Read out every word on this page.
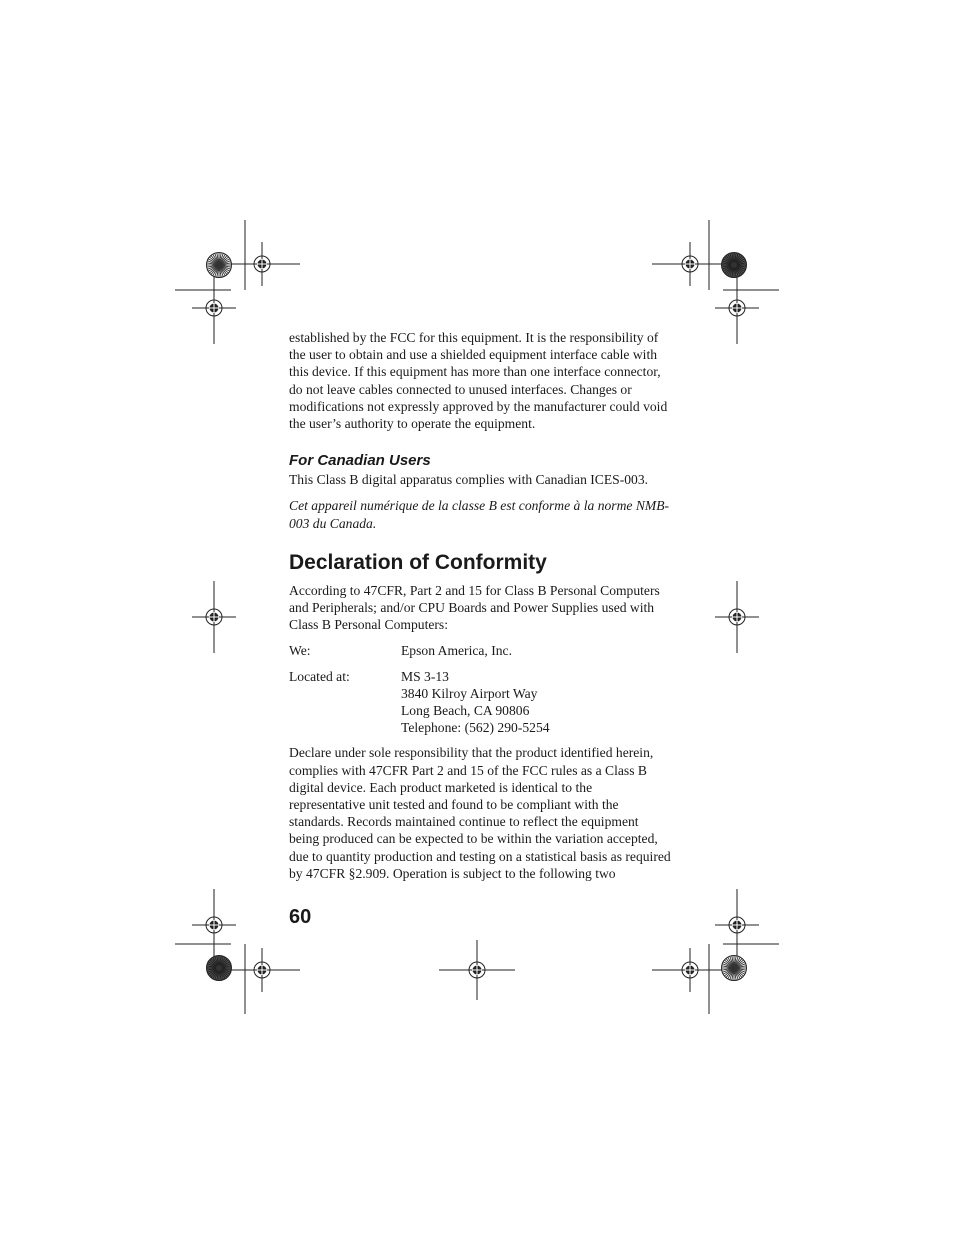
established by the FCC for this equipment. It is the responsibility of the user to obtain and use a shielded equipment interface cable with this device. If this equipment has more than one interface connector, do not leave cables connected to unused interfaces. Changes or modifications not expressly approved by the manufacturer could void the user’s authority to operate the equipment.

For Canadian Users

This Class B digital apparatus complies with Canadian ICES-003.

Cet appareil numérique de la classe B est conforme à la norme NMB-003 du Canada.

Declaration of Conformity

According to 47CFR, Part 2 and 15 for Class B Personal Computers and Peripherals; and/or CPU Boards and Power Supplies used with Class B Personal Computers:

We:	Epson America, Inc.
Located at:	MS 3-13
3840 Kilroy Airport Way
Long Beach, CA 90806
Telephone: (562) 290-5254

Declare under sole responsibility that the product identified herein, complies with 47CFR Part 2 and 15 of the FCC rules as a Class B digital device. Each product marketed is identical to the representative unit tested and found to be compliant with the standards. Records maintained continue to reflect the equipment being produced can be expected to be within the variation accepted, due to quantity production and testing on a statistical basis as required by 47CFR §2.909. Operation is subject to the following two

60
